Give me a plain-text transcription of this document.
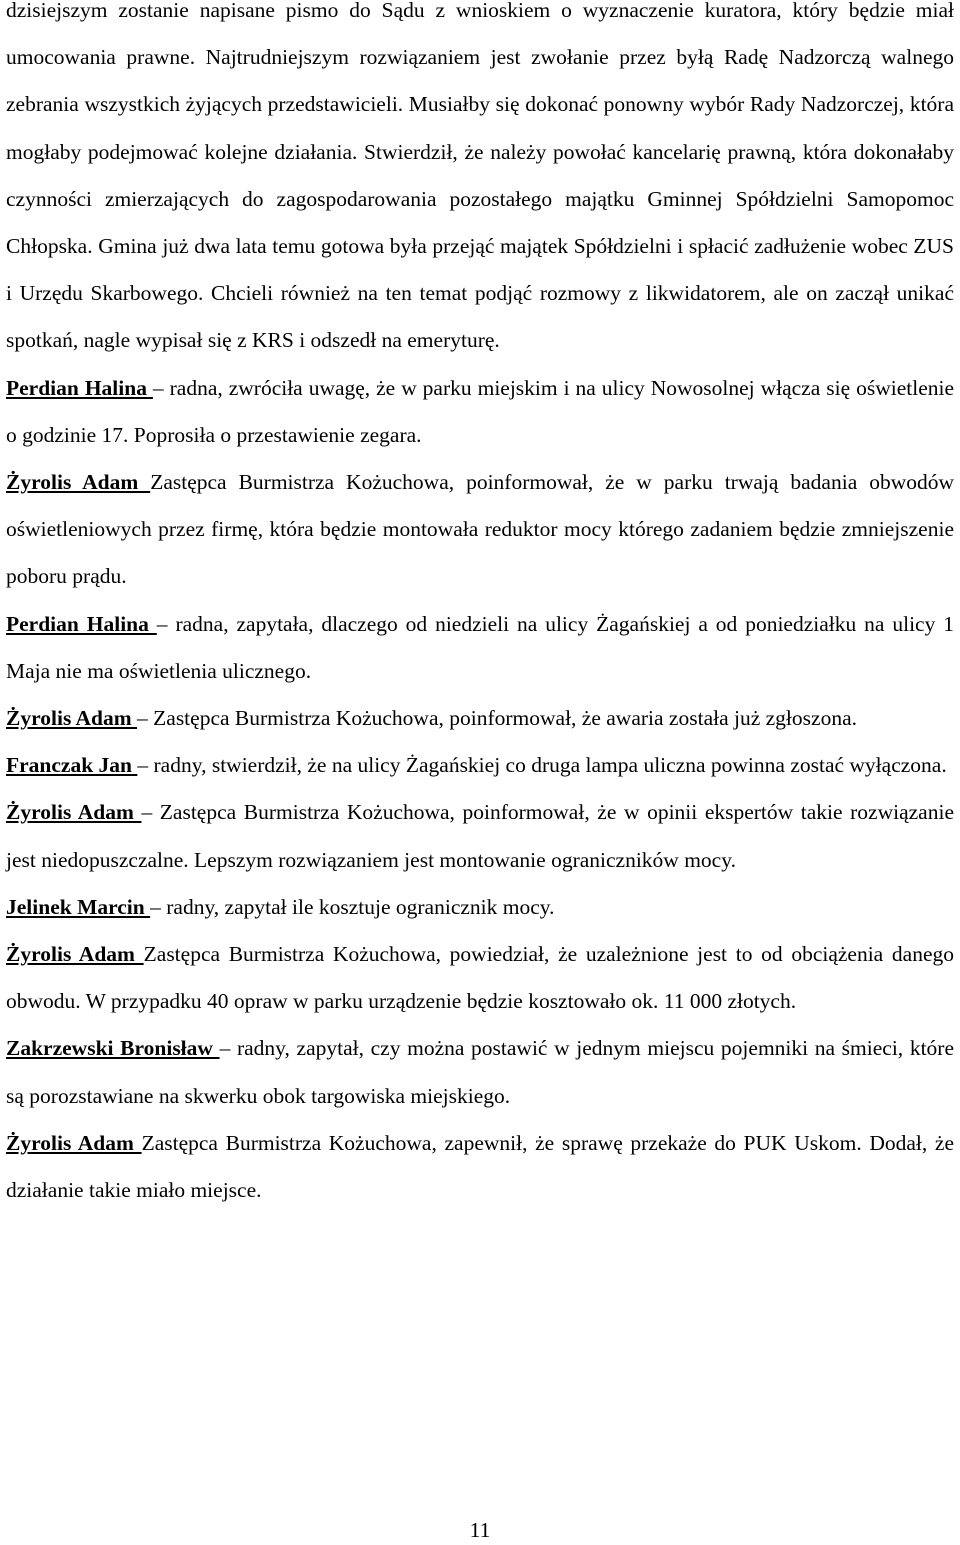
dzisiejszym zostanie napisane pismo do Sądu z wnioskiem o wyznaczenie kuratora, który będzie miał umocowania prawne. Najtrudniejszym rozwiązaniem jest zwołanie przez byłą Radę Nadzorczą walnego zebrania wszystkich żyjących przedstawicieli. Musiałby się dokonać ponowny wybór Rady Nadzorczej, która mogłaby podejmować kolejne działania. Stwierdził, że należy powołać kancelarię prawną, która dokonałaby czynności zmierzających do zagospodarowania pozostałego majątku Gminnej Spółdzielni Samopomoc Chłopska. Gmina już dwa lata temu gotowa była przejąć majątek Spółdzielni i spłacić zadłużenie wobec ZUS i Urzędu Skarbowego. Chcieli również na ten temat podjąć rozmowy z likwidatorem, ale on zaczął unikać spotkań, nagle wypisał się z KRS i odszedł na emeryturę.

Perdian Halina – radna, zwróciła uwagę, że w parku miejskim i na ulicy Nowosolnej włącza się oświetlenie o godzinie 17. Poprosiła o przestawienie zegara.

Żyrolis Adam Zastępca Burmistrza Kożuchowa, poinformował, że w parku trwają badania obwodów oświetleniowych przez firmę, która będzie montowała reduktor mocy którego zadaniem będzie zmniejszenie poboru prądu.

Perdian Halina – radna, zapytała, dlaczego od niedzieli na ulicy Żagańskiej a od poniedziałku na ulicy 1 Maja nie ma oświetlenia ulicznego.

Żyrolis Adam – Zastępca Burmistrza Kożuchowa, poinformował, że awaria została już zgłoszona.

Franczak Jan – radny, stwierdził, że na ulicy Żagańskiej co druga lampa uliczna powinna zostać wyłączona.

Żyrolis Adam – Zastępca Burmistrza Kożuchowa, poinformował, że w opinii ekspertów takie rozwiązanie jest niedopuszczalne. Lepszym rozwiązaniem jest montowanie ograniczników mocy.

Jelinek Marcin – radny, zapytał ile kosztuje ogranicznik mocy.

Żyrolis Adam Zastępca Burmistrza Kożuchowa, powiedział, że uzależnione jest to od obciążenia danego obwodu. W przypadku 40 opraw w parku urządzenie będzie kosztowało ok. 11 000 złotych.

Zakrzewski Bronisław – radny, zapytał, czy można postawić w jednym miejscu pojemniki na śmieci, które są porozstawiane na skwerku obok targowiska miejskiego.

Żyrolis Adam Zastępca Burmistrza Kożuchowa, zapewnił, że sprawę przekaże do PUK Uskom. Dodał, że działanie takie miało miejsce.

11
